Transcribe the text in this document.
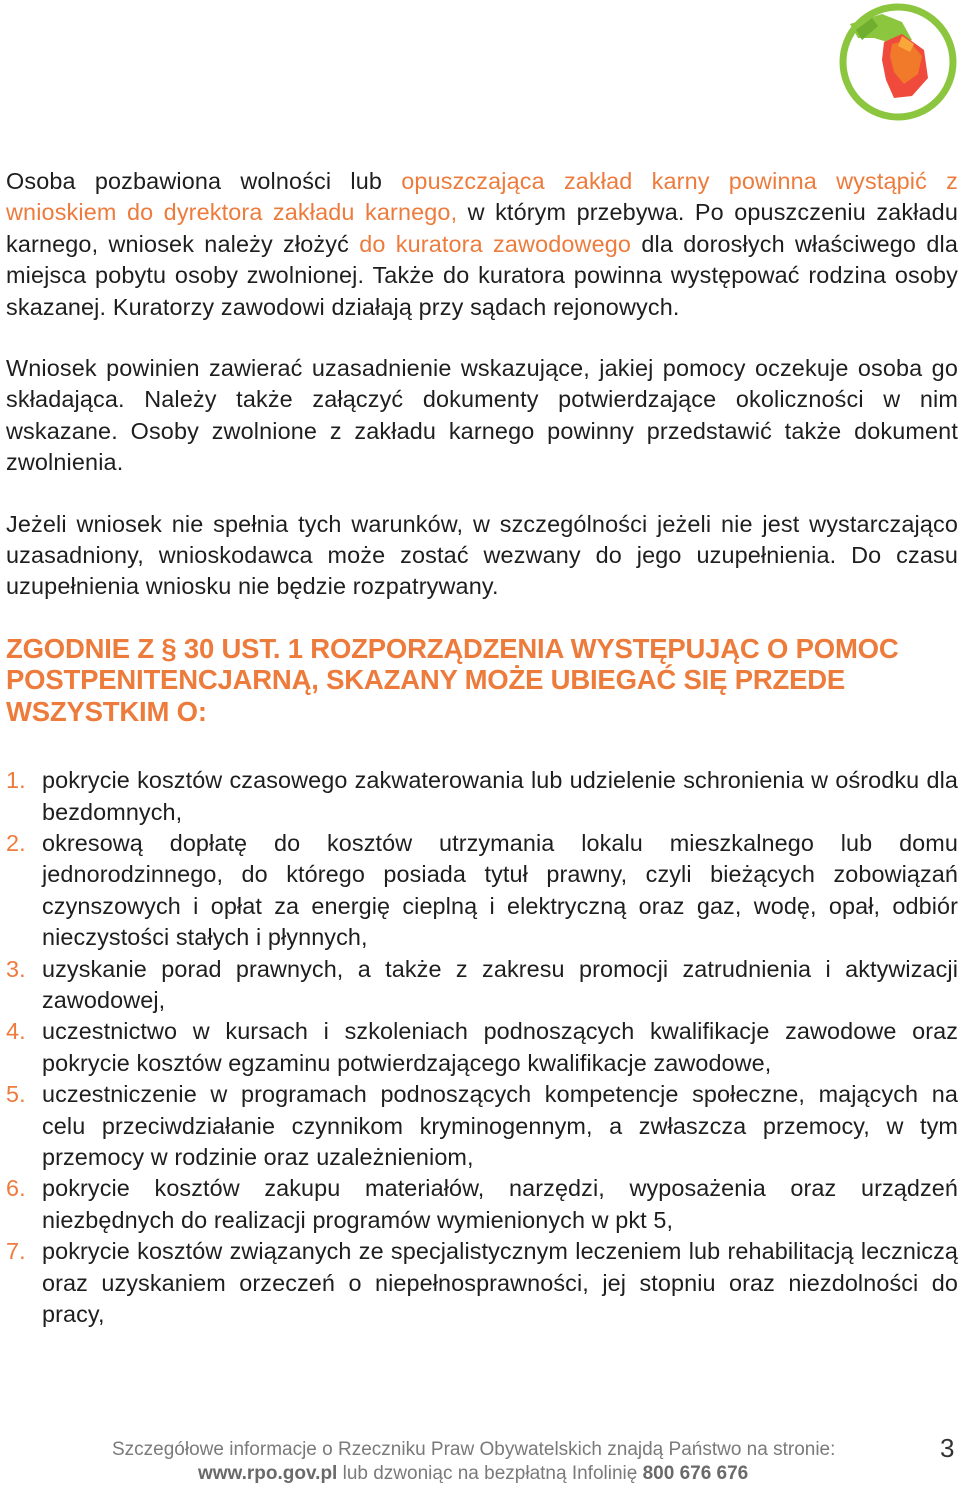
Osoba pozbawiona wolności lub opuszczająca zakład karny powinna wystąpić z wnioskiem do dyrektora zakładu karnego, w którym przebywa. Po opuszczeniu zakładu karnego, wniosek należy złożyć do kuratora zawodowego dla dorosłych właściwego dla miejsca pobytu osoby zwolnionej. Także do kuratora powinna występować rodzina osoby skazanej. Kuratorzy zawodowi działają przy sądach rejonowych.

Wniosek powinien zawierać uzasadnienie wskazujące, jakiej pomocy oczekuje osoba go składająca. Należy także załączyć dokumenty potwierdzające okoliczności w nim wskazane. Osoby zwolnione z zakładu karnego powinny przedstawić także dokument zwolnienia.

Jeżeli wniosek nie spełnia tych warunków, w szczególności jeżeli nie jest wystarczająco uzasadniony, wnioskodawca może zostać wezwany do jego uzupełnienia. Do czasu uzupełnienia wniosku nie będzie rozpatrywany.

ZGODNIE Z § 30 UST. 1 ROZPORZĄDZENIA WYSTĘPUJĄC O POMOC POSTPENITENCJARNĄ, SKAZANY MOŻE UBIEGAĆ SIĘ PRZEDE WSZYSTKIM O:
1. pokrycie kosztów czasowego zakwaterowania lub udzielenie schronienia w ośrodku dla bezdomnych,
2. okresową dopłatę do kosztów utrzymania lokalu mieszkalnego lub domu jednorodzinnego, do którego posiada tytuł prawny, czyli bieżących zobowiązań czynszowych i opłat za energię cieplną i elektryczną oraz gaz, wodę, opał, odbiór nieczystości stałych i płynnych,
3. uzyskanie porad prawnych, a także z zakresu promocji zatrudnienia i aktywizacji zawodowej,
4. uczestnictwo w kursach i szkoleniach podnoszących kwalifikacje zawodowe oraz pokrycie kosztów egzaminu potwierdzającego kwalifikacje zawodowe,
5. uczestniczenie w programach podnoszących kompetencje społeczne, mających na celu przeciwdziałanie czynnikom kryminogennym, a zwłaszcza przemocy, w tym przemocy w rodzinie oraz uzależnieniom,
6. pokrycie kosztów zakupu materiałów, narzędzi, wyposażenia oraz urządzeń niezbędnych do realizacji programów wymienionych w pkt 5,
7. pokrycie kosztów związanych ze specjalistycznym leczeniem lub rehabilitacją leczniczą oraz uzyskaniem orzeczeń o niepełnosprawności, jej stopniu oraz niezdolności do pracy,
Szczegółowe informacje o Rzeczniku Praw Obywatelskich znajdą Państwo na stronie:
www.rpo.gov.pl lub dzwoniąc na bezpłatną Infolinię 800 676 676
3
